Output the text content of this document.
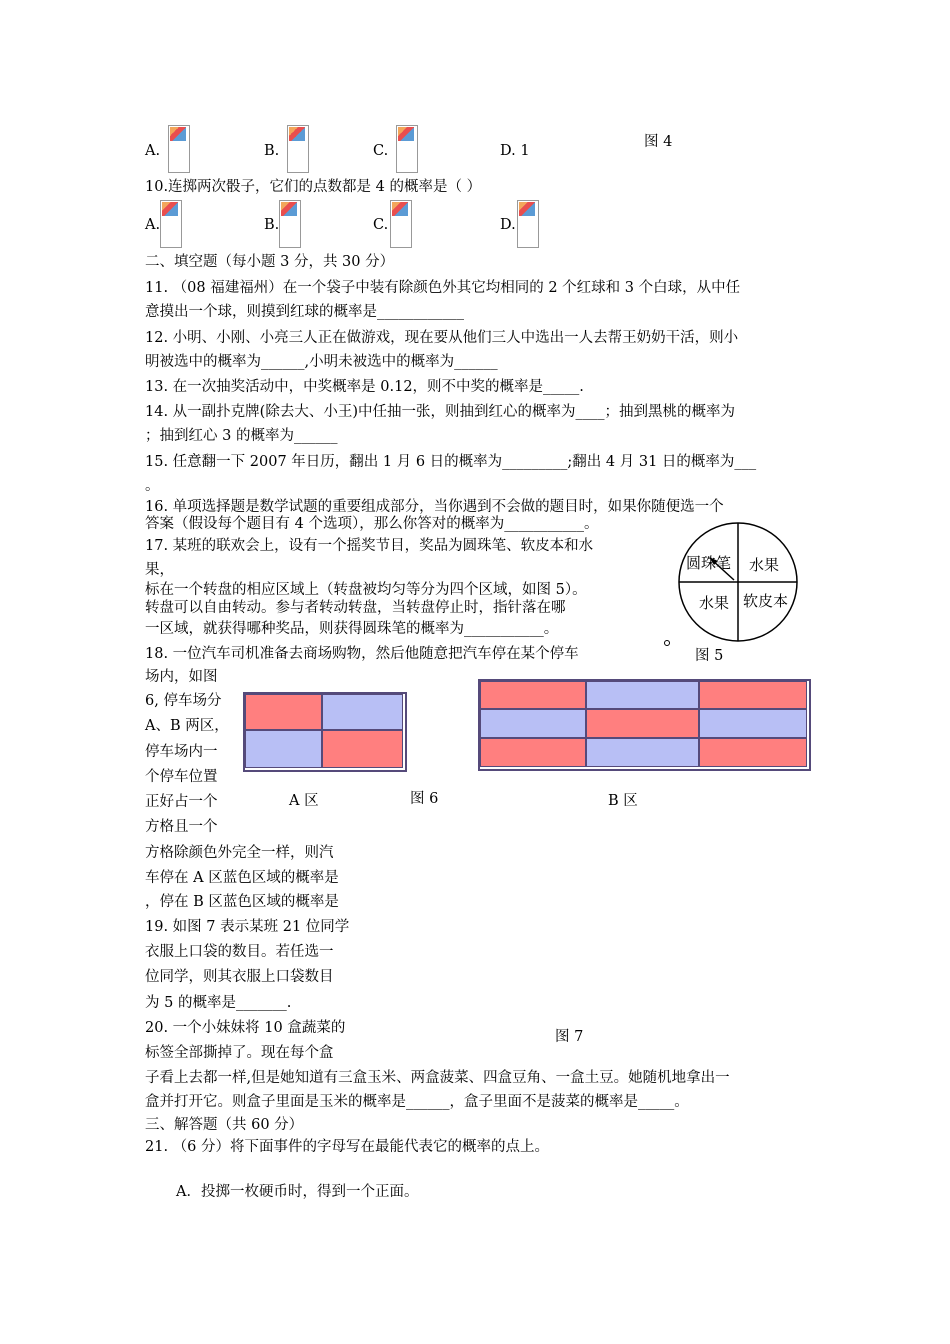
A.	B.	C.	D. 1
图 4
10.连掷两次骰子，它们的点数都是 4 的概率是（ ）
A.	B.	C.	D.
二、填空题（每小题 3 分，共 30 分）
11. （08 福建福州）在一个袋子中装有除颜色外其它均相同的 2 个红球和 3 个白球，从中任
意摸出一个球，则摸到红球的概率是____________
12. 小明、小刚、小亮三人正在做游戏，现在要从他们三人中选出一人去帮王奶奶干活，则小
明被选中的概率为______,小明未被选中的概率为______
13. 在一次抽奖活动中，中奖概率是 0.12，则不中奖的概率是_____.
14. 从一副扑克牌(除去大、小王)中任抽一张，则抽到红心的概率为____；抽到黑桃的概率为
；抽到红心 3 的概率为______
15. 任意翻一下 2007 年日历，翻出 1 月 6 日的概率为_________;翻出 4 月 31 日的概率为___
。
16. 单项选择题是数学试题的重要组成部分，当你遇到不会做的题目时，如果你随便选一个
答案（假设每个题目有 4 个选项），那么你答对的概率为___________。
17. 某班的联欢会上，设有一个摇奖节目，奖品为圆珠笔、软皮本和水
果，
标在一个转盘的相应区域上（转盘被均匀等分为四个区域，如图 5）。
转盘可以自由转动。参与者转动转盘，当转盘停止时，指针落在哪
一区域，就获得哪种奖品，则获得圆珠笔的概率为___________。
圆珠笔 水果
水果 软皮本
图 5
18. 一位汽车司机准备去商场购物，然后他随意把汽车停在某个停车
场内，如图
6, 停车场分
A、B 两区，
停车场内一
个停车位置
正好占一个
方格且一个
方格除颜色外完全一样，则汽
车停在 A 区蓝色区域的概率是
，停在 B 区蓝色区域的概率是
A 区	图 6	B 区
19. 如图 7 表示某班 21 位同学
衣服上口袋的数目。若任选一
位同学，则其衣服上口袋数目
为 5 的概率是_______.
20. 一个小妹妹将 10 盒蔬菜的
标签全部撕掉了。现在每个盒
子看上去都一样,但是她知道有三盒玉米、两盒菠菜、四盒豆角、一盒土豆。她随机地拿出一
盒并打开它。则盒子里面是玉米的概率是______，盒子里面不是菠菜的概率是_____。
图 7
三、解答题（共 60 分）
21. （6 分）将下面事件的字母写在最能代表它的概率的点上。
A．投掷一枚硬币时，得到一个正面。
